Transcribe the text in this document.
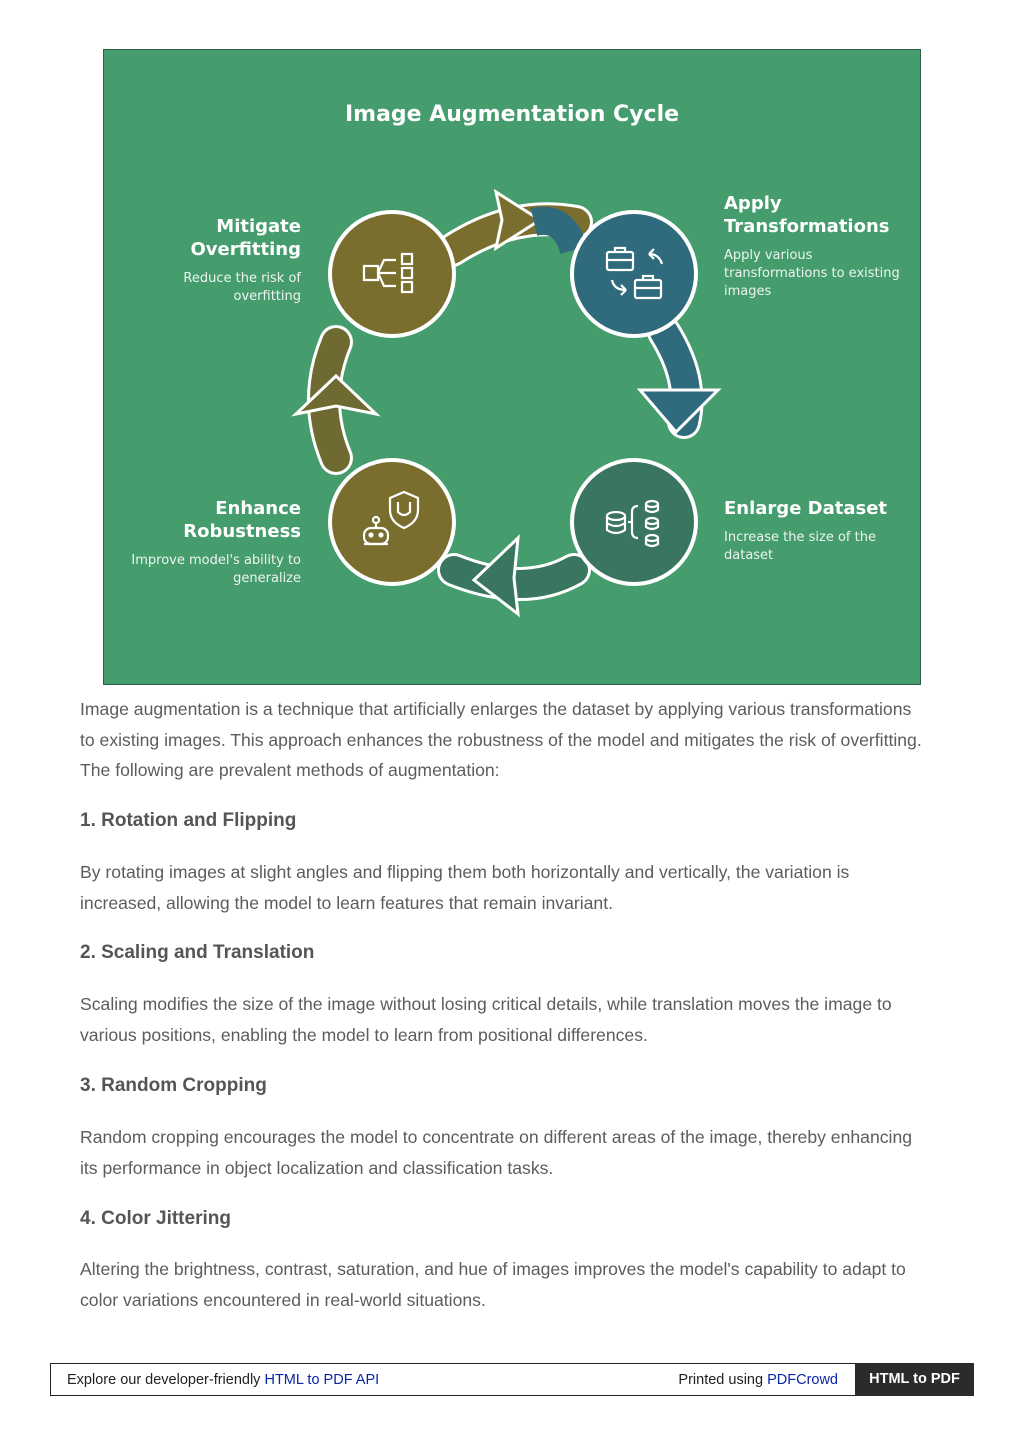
Image Augmentation Cycle
Apply Transformations
Apply various transformations to existing images
Enlarge Dataset
Increase the size of the dataset
Enhance Robustness
Improve model's ability to generalize
Mitigate Overfitting
Reduce the risk of overfitting

Image augmentation is a technique that artificially enlarges the dataset by applying various transformations to existing images. This approach enhances the robustness of the model and mitigates the risk of overfitting. The following are prevalent methods of augmentation:

1. Rotation and Flipping

By rotating images at slight angles and flipping them both horizontally and vertically, the variation is increased, allowing the model to learn features that remain invariant.

2. Scaling and Translation

Scaling modifies the size of the image without losing critical details, while translation moves the image to various positions, enabling the model to learn from positional differences.

3. Random Cropping

Random cropping encourages the model to concentrate on different areas of the image, thereby enhancing its performance in object localization and classification tasks.

4. Color Jittering

Altering the brightness, contrast, saturation, and hue of images improves the model's capability to adapt to color variations encountered in real-world situations.

Explore our developer-friendly HTML to PDF API	Printed using PDFCrowd	HTML to PDF
